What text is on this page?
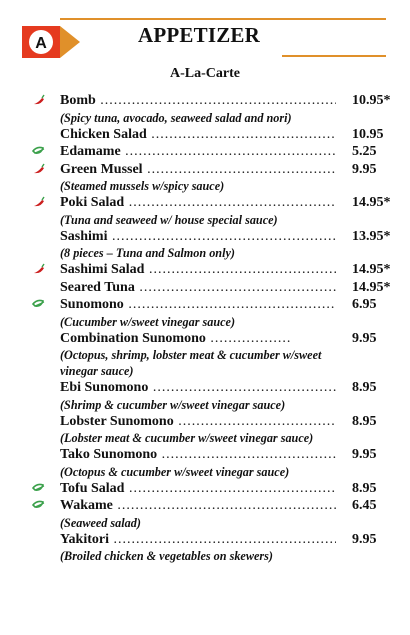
A	APPETIZER
A-La-Carte
Bomb .....	10.95*
(Spicy tuna, avocado, seaweed salad and nori)
Chicken Salad .....	10.95
Edamame .....	5.25
Green Mussel .....	9.95
(Steamed mussels w/spicy sauce)
Poki Salad .....	14.95*
(Tuna and seaweed w/ house special sauce)
Sashimi .....	13.95*
(8 pieces – Tuna and Salmon only)
Sashimi Salad .....	14.95*
Seared Tuna .....	14.95*
Sunomono .....	6.95
(Cucumber w/sweet vinegar sauce)
Combination Sunomono .....	9.95
(Octopus, shrimp, lobster meat & cucumber w/sweet vinegar sauce)
Ebi Sunomono .....	8.95
(Shrimp & cucumber w/sweet vinegar sauce)
Lobster Sunomono .....	8.95
(Lobster meat & cucumber w/sweet vinegar sauce)
Tako Sunomono .....	9.95
(Octopus & cucumber w/sweet vinegar sauce)
Tofu Salad .....	8.95
Wakame .....	6.45
(Seaweed salad)
Yakitori .....	9.95
(Broiled chicken & vegetables on skewers)
